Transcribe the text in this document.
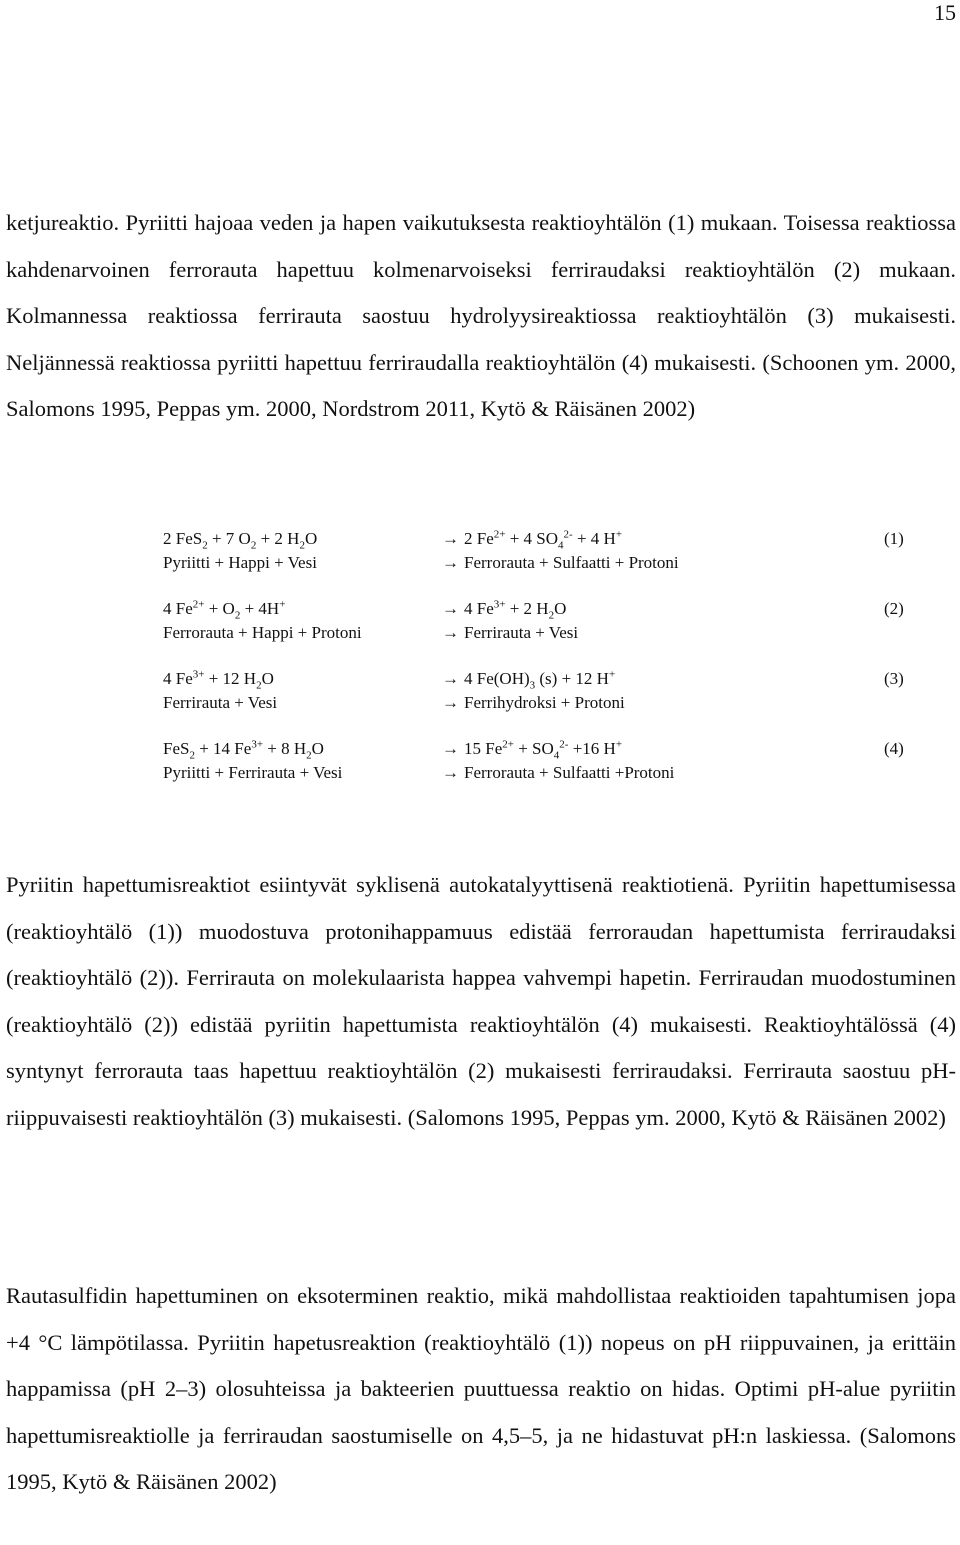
15

ketjureaktio. Pyriitti hajoaa veden ja hapen vaikutuksesta reaktioyhtälön (1) mukaan. Toisessa reaktiossa kahdenarvoinen ferrorauta hapettuu kolmenarvoiseksi ferriraudaksi reaktioyhtälön (2) mukaan. Kolmannessa reaktiossa ferrirauta saostuu hydrolyysireaktiossa reaktioyhtälön (3) mukaisesti. Neljännessä reaktiossa pyriitti hapettuu ferriraudalla reaktioyhtälön (4) mukaisesti. (Schoonen ym. 2000, Salomons 1995, Peppas ym. 2000, Nordstrom 2011, Kytö & Räisänen 2002)

2 FeS$_2$ + 7 $O_2 + 2$ $H_2O$	→ 2 $Fe^{2+} + 4$ $SO_4^{2-} + 4$ H+	(1)
Pyriitti + Happi + Vesi	→ Ferrorauta + Sulfaatti + Protoni
4 $Fe^{2+} + O_2 + 4H^+$	→ 4 $Fe^{3+} + 2$ $H_2O$	(2)
Ferrorauta + Happi + Protoni	→ Ferrirauta + Vesi
4 $Fe^{3+} + 12$ $H_2O$	→ 4 $Fe(OH)_3$ (s) + 12 H+	(3)
Ferrirauta + Vesi	→ Ferrihydroksi + Protoni
FeS$_2$ + 14 $Fe^{3+} + 8$ $H_2O$	→ 15 $Fe^{2+} + SO_4^{2-} +16$ H+	(4)
Pyriitti + Ferrirauta + Vesi	→ Ferrorauta + Sulfaatti +Protoni

Pyriitin hapettumisreaktiot esiintyvät syklisenä autokatalyyttisenä reaktiotienä. Pyriitin hapettumisessa (reaktioyhtälö (1)) muodostuva protonihappamuus edistää ferroraudan hapettumista ferriraudaksi (reaktioyhtälö (2)). Ferrirauta on molekulaarista happea vahvempi hapetin. Ferriraudan muodostuminen (reaktioyhtälö (2)) edistää pyriitin hapettumista reaktioyhtälön (4) mukaisesti. Reaktioyhtälössä (4) syntynyt ferrorauta taas hapettuu reaktioyhtälön (2) mukaisesti ferriraudaksi. Ferrirauta saostuu pH-riippuvaisesti reaktioyhtälön (3) mukaisesti. (Salomons 1995, Peppas ym. 2000, Kytö & Räisänen 2002)

Rautasulfidin hapettuminen on eksoterminen reaktio, mikä mahdollistaa reaktioiden tapahtumisen jopa +4 °C lämpötilassa. Pyriitin hapetusreaktion (reaktioyhtälö (1)) nopeus on pH riippuvainen, ja erittäin happamissa (pH 2–3) olosuhteissa ja bakteerien puuttuessa reaktio on hidas. Optimi pH-alue pyriitin hapettumisreaktiolle ja ferriraudan saostumiselle on 4,5–5, ja ne hidastuvat pH:n laskiessa. (Salomons 1995, Kytö & Räisänen 2002)
